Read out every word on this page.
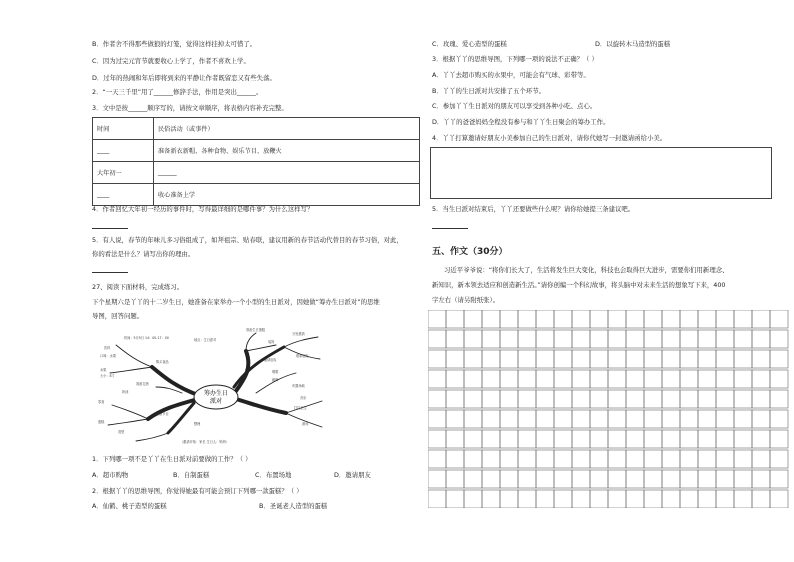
B．作者舍不得那些做狼的灯笼，觉得这样挂掉太可惜了。
C．因为过完元宵节就要收心上学了，作者不喜欢上学。
D．过年的热闹和年后即将到来的平静让作者既留恋又有些失落。
2．“一天三千里”用了______修辞手法，作用是突出______。
3．文中是按______顺序写的，请按文章顺序，将表格内容补充完整。
时间	民俗活动（或事件）
____	准备新衣新帽、各种食物、娱乐节目、放鞭火
大年初一	______
____	收心准备上学
4．作者回忆大年初一经历的事件时，写得最详细的是哪件事？为什么这样写？
5．有人说，春节的年味儿多习俗组成了，如拜祖宗、贴春联，建议用新的春节活动代替目的春节习俗，对此，
你的看法是什么？请写出你的理由。
27、阅读下面材料，完成练习。
下个星期六是丫丫的十二岁生日，她准备在家举办一个小型的生日派对，因她做“筹办生日派对”的思维
导图，回答问题。
筹办生日
派对
时间：5月5日 14：00-17：00	地点：生日派对
准备生日蛋糕
邀请朋友
布置场地
购买食品
准备节目
打扫卫生
准备礼物
分发邀请
联系朋友
装饰
游戏
音乐
饮料
水果
零食
蛋糕
大小：8寸
口味：水果
造型
奶油
唱歌
跳舞
整理
（邀请对象：家长 生日人：妈妈）
1．下列哪一项不是丫丫在生日派对前要做的工作？（ ）
A．超市购物	B．自制蛋糕	C．布置场地	D．邀请朋友
2．根据丫丫的思维导图，你觉得她最有可能会预订下列哪一款蛋糕？（ ）
A．仙鹤、桃子造型的蛋糕	B．圣诞老人造型的蛋糕
C．玫瑰、爱心造型的蛋糕	D．以旋转木马造型的蛋糕
3．根据丫丫的思维导图，下列哪一项的说法不正确？（ ）
A．丫丫去超市购买的水果中，可能会有气球、彩带等。
B．丫丫的生日派对共安排了五个环节。
C．参加丫丫生日派对的朋友可以享受到各种小吃、点心。
D．丫丫的爸爸妈妈全程没有参与和丫丫生日聚会的筹办工作。
4．丫丫打算邀请好朋友小美参加自己的生日派对，请你代她写一封邀请函给小美。
5．当生日派对结束后，丫丫还要做些什么呢？请你给她提三条建议吧。
五、作文（30分）
习近平爷爷说：“将你们长大了，生活将发生巨大变化，科技也会取得巨大进步，需要你们用新理念、
新知识，新本领去适应和创造新生活。”请你创编一个科幻故事，将头脑中对未来生活的想象写下来，400
字左右（请另附纸张）。
